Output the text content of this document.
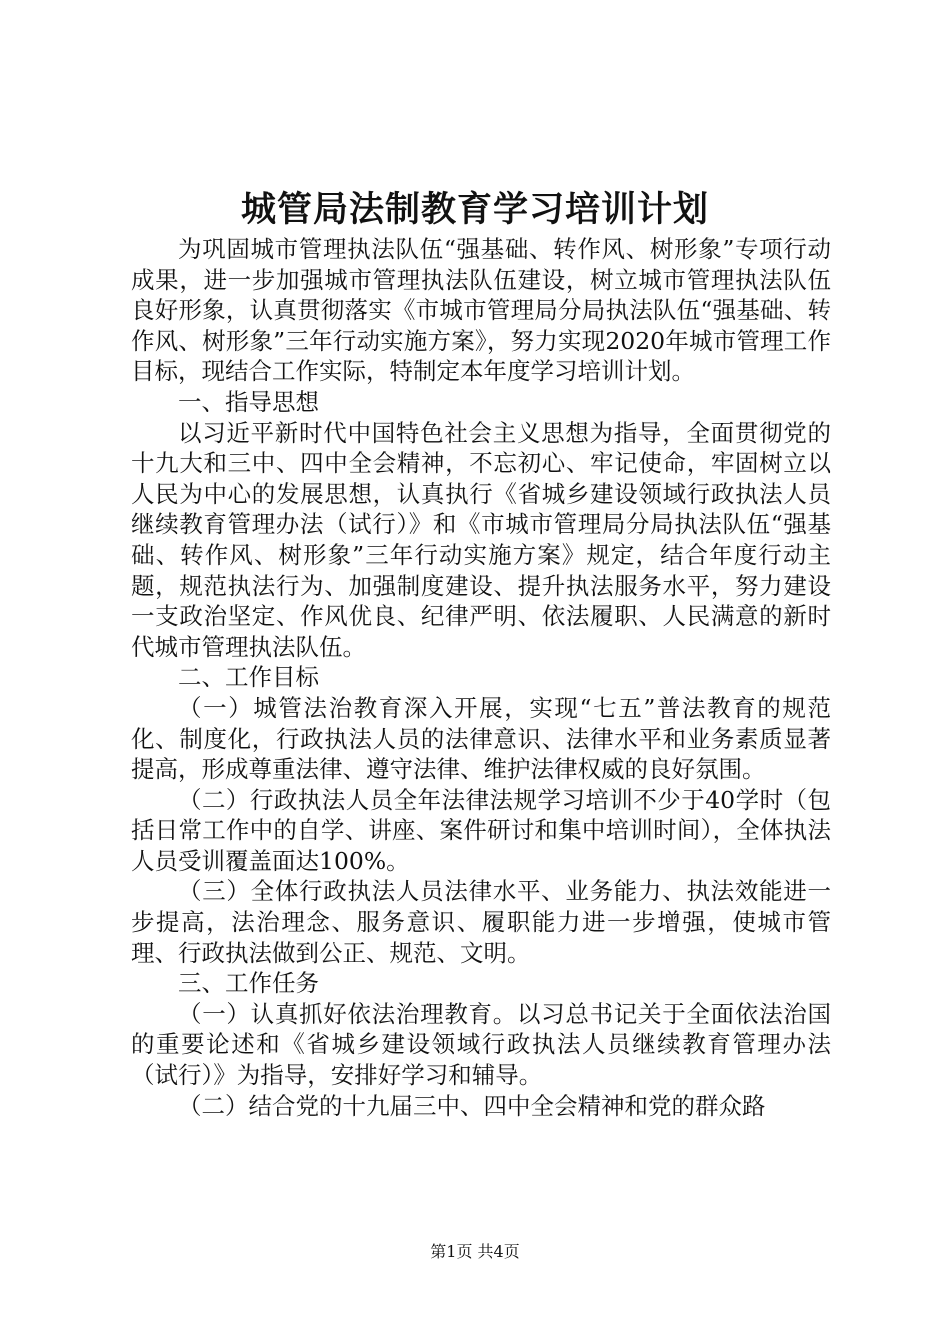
城管局法制教育学习培训计划

为巩固城市管理执法队伍“强基础、转作风、树形象”专项行动成果，进一步加强城市管理执法队伍建设，树立城市管理执法队伍良好形象，认真贯彻落实《市城市管理局分局执法队伍“强基础、转作风、树形象”三年行动实施方案》，努力实现2020年城市管理工作目标，现结合工作实际，特制定本年度学习培训计划。

一、指导思想

以习近平新时代中国特色社会主义思想为指导，全面贯彻党的十九大和三中、四中全会精神，不忘初心、牢记使命，牢固树立以人民为中心的发展思想，认真执行《省城乡建设领域行政执法人员继续教育管理办法（试行）》和《市城市管理局分局执法队伍“强基础、转作风、树形象”三年行动实施方案》规定，结合年度行动主题，规范执法行为、加强制度建设、提升执法服务水平，努力建设一支政治坚定、作风优良、纪律严明、依法履职、人民满意的新时代城市管理执法队伍。

二、工作目标

（一）城管法治教育深入开展，实现“七五”普法教育的规范化、制度化，行政执法人员的法律意识、法律水平和业务素质显著提高，形成尊重法律、遵守法律、维护法律权威的良好氛围。

（二）行政执法人员全年法律法规学习培训不少于40学时（包括日常工作中的自学、讲座、案件研讨和集中培训时间），全体执法人员受训覆盖面达100%。

（三）全体行政执法人员法律水平、业务能力、执法效能进一步提高，法治理念、服务意识、履职能力进一步增强，使城市管理、行政执法做到公正、规范、文明。

三、工作任务

（一）认真抓好依法治理教育。以习总书记关于全面依法治国的重要论述和《省城乡建设领域行政执法人员继续教育管理办法（试行）》为指导，安排好学习和辅导。

（二）结合党的十九届三中、四中全会精神和党的群众路

第1页 共4页
